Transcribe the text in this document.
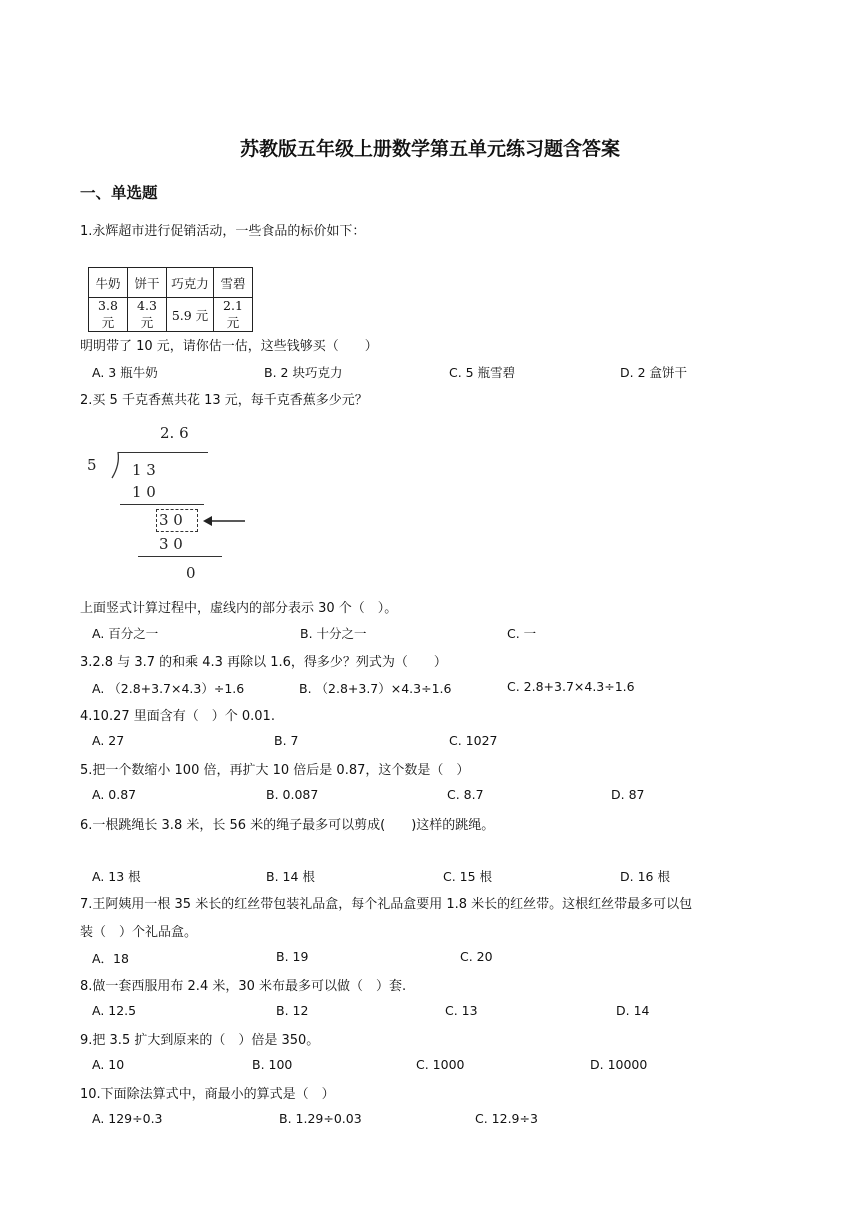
苏教版五年级上册数学第五单元练习题含答案
一、单选题
1.永辉超市进行促销活动，一些食品的标价如下：
牛奶	饼干	巧克力	雪碧
3.8 元	4.3 元	5.9 元	2.1 元
明明带了 10 元，请你估一估，这些钱够买（　　）
A. 3 瓶牛奶	B. 2 块巧克力	C. 5 瓶雪碧	D. 2 盒饼干
2.买 5 千克香蕉共花 13 元，每千克香蕉多少元？
2. 6
5 1 3
1 0
3 0
3 0
0
上面竖式计算过程中，虚线内的部分表示 30 个（　）。
A. 百分之一	B. 十分之一	C. 一
3.2.8 与 3.7 的和乘 4.3 再除以 1.6，得多少？列式为（　　）
A. （2.8+3.7×4.3）÷1.6	B. （2.8+3.7）×4.3÷1.6	C. 2.8+3.7×4.3÷1.6
4.10.27 里面含有（　）个 0.01.
A. 27	B. 7	C. 1027
5.把一个数缩小 100 倍，再扩大 10 倍后是 0.87，这个数是（　）
A. 0.87	B. 0.087	C. 8.7	D. 87
6.一根跳绳长 3.8 米，长 56 米的绳子最多可以剪成(　　)这样的跳绳。
A. 13 根	B. 14 根	C. 15 根	D. 16 根
7.王阿姨用一根 35 米长的红丝带包装礼品盒，每个礼品盒要用 1.8 米长的红丝带。这根红丝带最多可以包
装（　）个礼品盒。
A．18	B. 19	C. 20
8.做一套西服用布 2.4 米，30 米布最多可以做（　）套.
A. 12.5	B. 12	C. 13	D. 14
9.把 3.5 扩大到原来的（　）倍是 350。
A. 10	B. 100	C. 1000	D. 10000
10.下面除法算式中，商最小的算式是（　）
A. 129÷0.3	B. 1.29÷0.03	C. 12.9÷3
